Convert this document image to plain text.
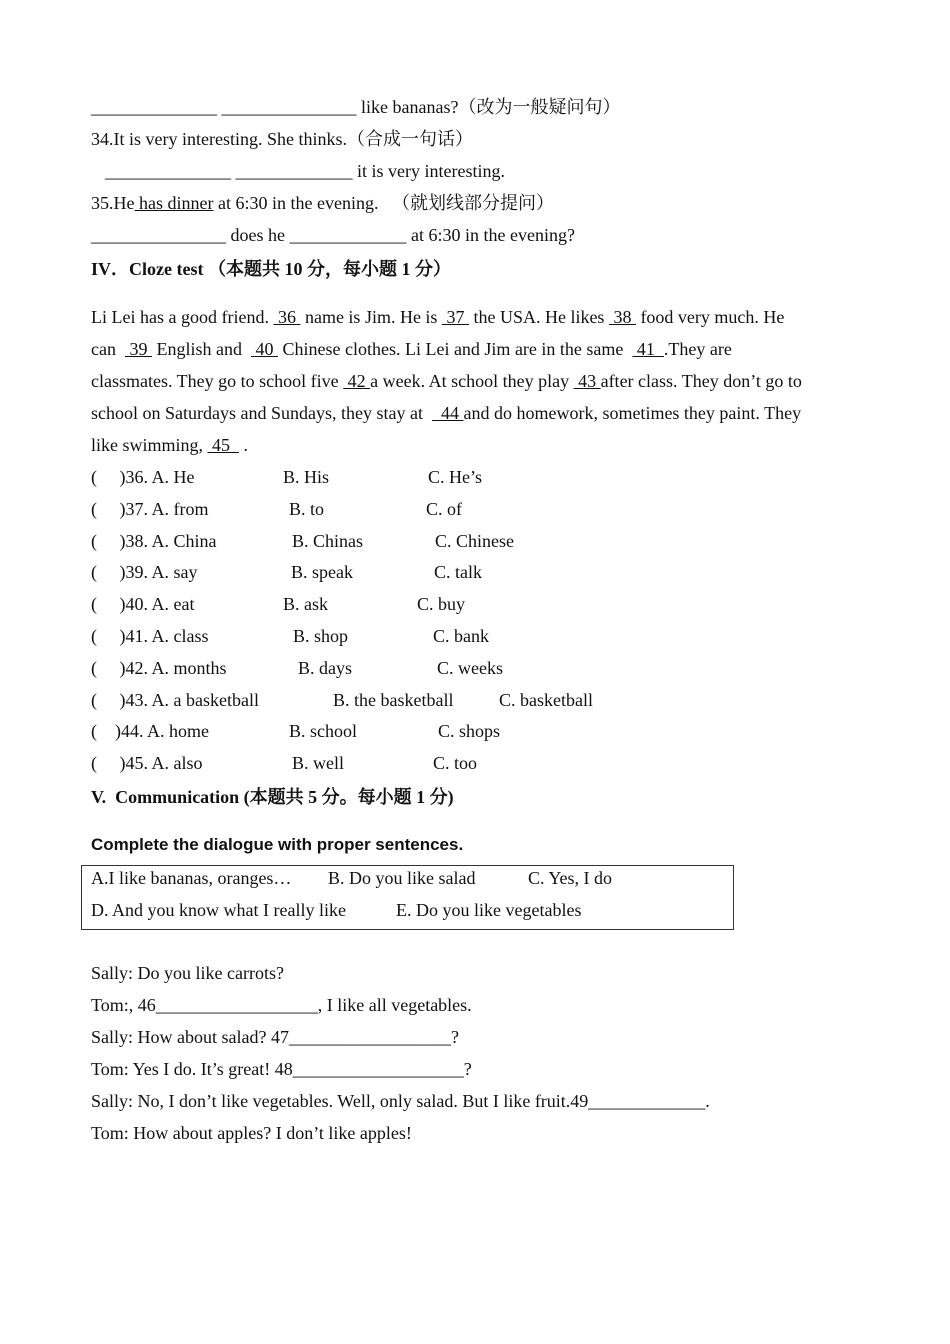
______________ _______________ like bananas?（改为一般疑问句）
34.It is very interesting. She thinks.（合成一句话）
______________ _____________ it is very interesting.
35.He has dinner at 6:30 in the evening.   （就划线部分提问）
_______________ does he _____________ at 6:30 in the evening?
IV．Cloze test （本题共 10 分，每小题 1 分）
Li Lei has a good friend.  36  name is Jim. He is  37  the USA. He likes  38  food very much. He
can   39  English and   40  Chinese clothes. Li Lei and Jim are in the same   41  .They are
classmates. They go to school five  42 a week. At school they play  43 after class. They don’t go to
school on Saturdays and Sundays, they stay at    44 and do homework, sometimes they paint. They
like swimming,  45   .
(     )36. A. He	B. His	C. He’s
(     )37. A. from	B. to	C. of
(     )38. A. China	B. Chinas	C. Chinese
(     )39. A. say	B. speak	C. talk
(     )40. A. eat	B. ask	C. buy
(     )41. A. class	B. shop	C. bank
(     )42. A. months	B. days	C. weeks
(     )43. A. a basketball	B. the basketball	C. basketball
(    )44. A. home	B. school	C. shops
(     )45. A. also	B. well	C. too
V.  Communication (本题共 5 分。每小题 1 分)
Complete the dialogue with proper sentences.
A.I like bananas, oranges… B. Do you like salad	C. Yes, I do
D. And you know what I really like	E. Do you like vegetables
Sally: Do you like carrots?
Tom:, 46__________________, I like all vegetables.
Sally: How about salad? 47__________________?
Tom: Yes I do. It’s great! 48___________________?
Sally: No, I don’t like vegetables. Well, only salad. But I like fruit.49_____________.
Tom: How about apples? I don’t like apples!
